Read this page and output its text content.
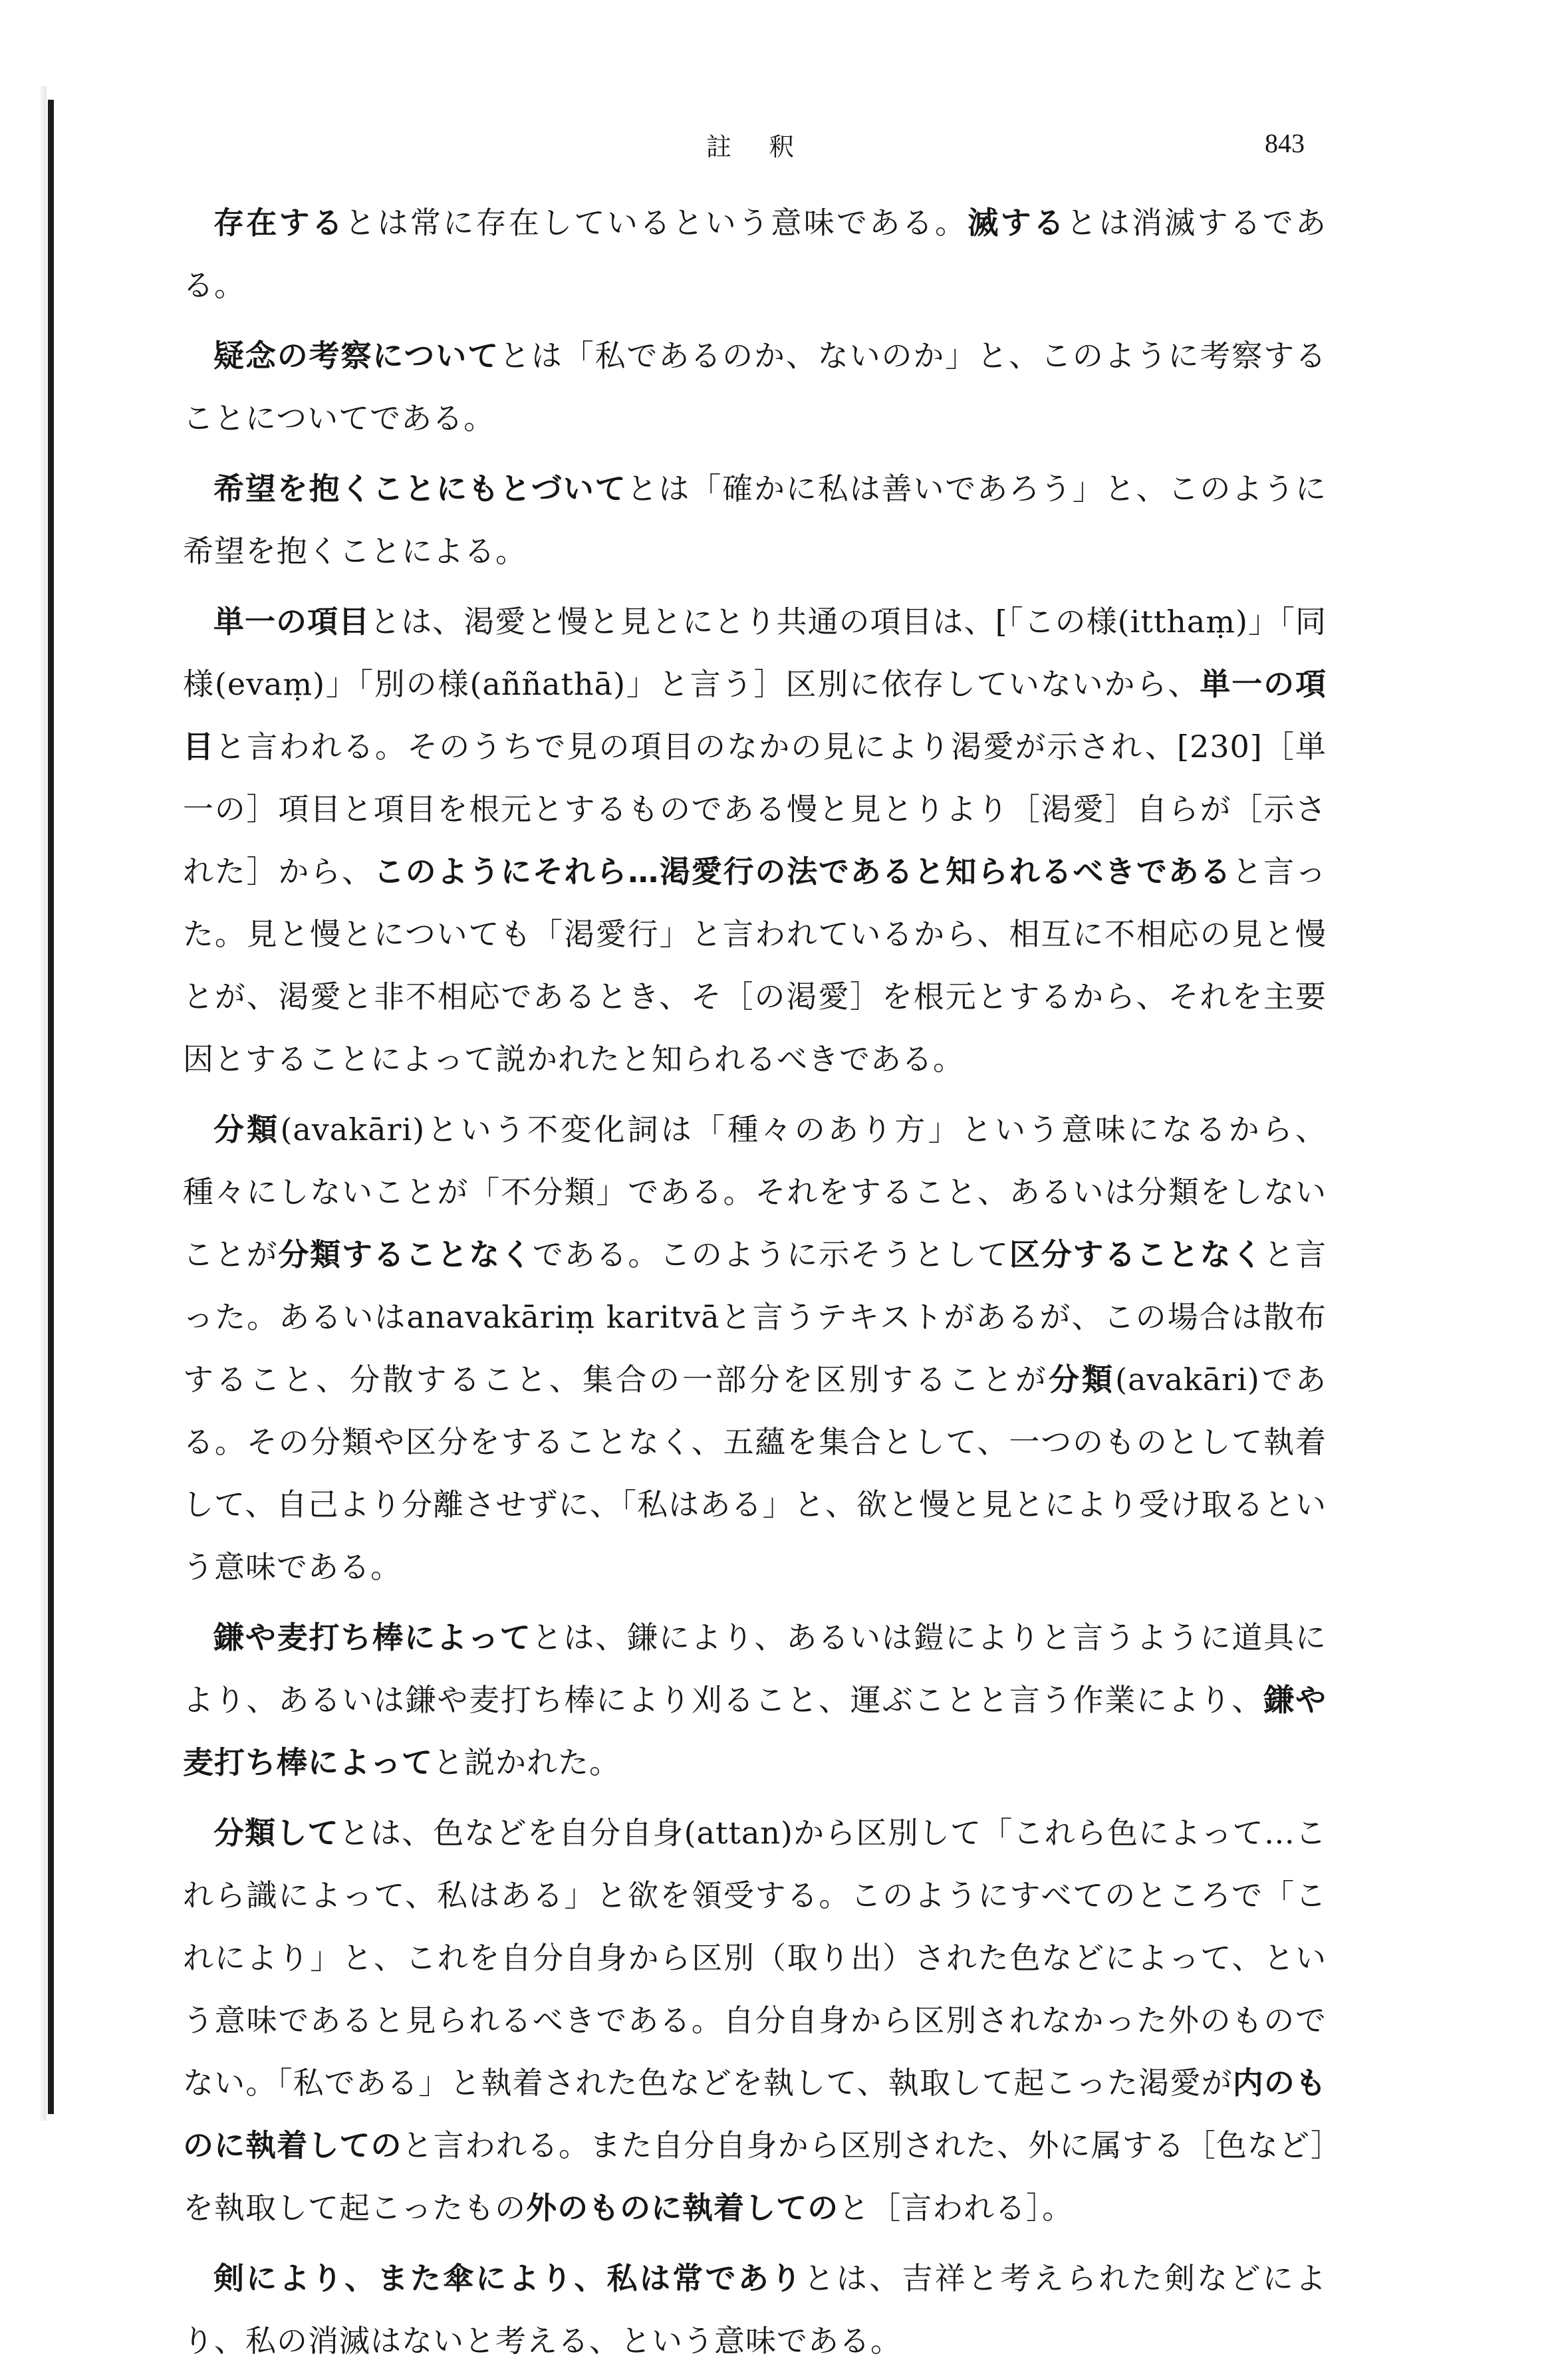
註 釈	843

存在するとは常に存在しているという意味である。滅するとは消滅するである。

疑念の考察についてとは「私であるのか、ないのか」と、このように考察することについてである。

希望を抱くことにもとづいてとは「確かに私は善いであろう」と、このように希望を抱くことによる。

単一の項目とは、渇愛と慢と見とにとり共通の項目は、[「この様(itthaṃ)」「同様(evaṃ)」「別の様(aññathā)」と言う］区別に依存していないから、単一の項目と言われる。そのうちで見の項目のなかの見により渇愛が示され、[230]［単一の］項目と項目を根元とするものである慢と見とりより［渇愛］自らが［示された］から、このようにそれら…渇愛行の法であると知られるべきであると言った。見と慢とについても「渇愛行」と言われているから、相互に不相応の見と慢とが、渇愛と非不相応であるとき、そ［の渇愛］を根元とするから、それを主要因とすることによって説かれたと知られるべきである。

分類(avakāri)という不変化詞は「種々のあり方」という意味になるから、種々にしないことが「不分類」である。それをすること、あるいは分類をしないことが分類することなくである。このように示そうとして区分することなくと言った。あるいはanavakāriṃ karitvāと言うテキストがあるが、この場合は散布すること、分散すること、集合の一部分を区別することが分類(avakāri)である。その分類や区分をすることなく、五蘊を集合として、一つのものとして執着して、自己より分離させずに、「私はある」と、欲と慢と見とにより受け取るという意味である。

鎌や麦打ち棒によってとは、鎌により、あるいは鎧によりと言うように道具により、あるいは鎌や麦打ち棒により刈ること、運ぶことと言う作業により、鎌や麦打ち棒によってと説かれた。

分類してとは、色などを自分自身(attan)から区別して「これら色によって…これら識によって、私はある」と欲を領受する。このようにすべてのところで「これにより」と、これを自分自身から区別（取り出）された色などによって、という意味であると見られるべきである。自分自身から区別されなかった外のものでない。「私である」と執着された色などを執して、執取して起こった渇愛が内のものに執着してのと言われる。また自分自身から区別された、外に属する［色など］を執取して起こったもの外のものに執着してのと［言われる］。

剣により、また傘により、私は常でありとは、吉祥と考えられた剣などにより、私の消滅はないと考える、という意味である。
